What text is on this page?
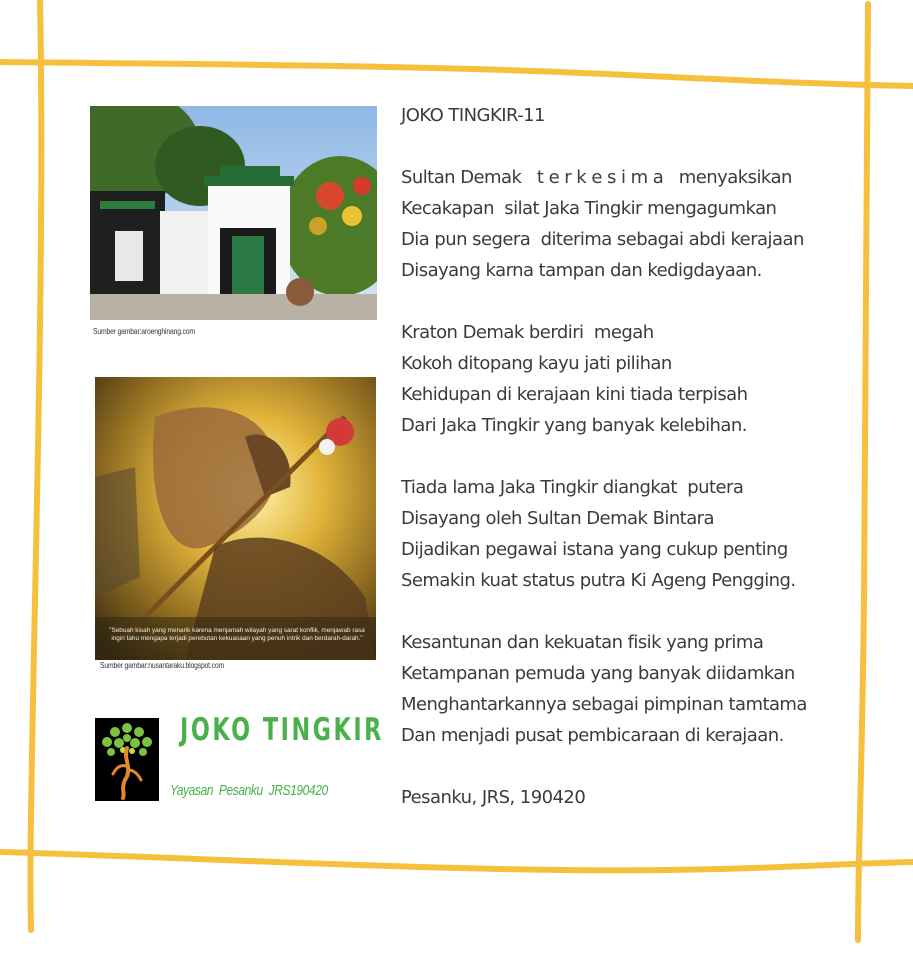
Sumber gambar:aroenghinang.com
"Sebuah kisah yang menarik karena menjamah wilayah yang sarat konflik, menjawab rasa ingin tahu mengapa terjadi perebutan kekuasaan yang penuh intrik dan berdarah-darah."
Sumber gambar:nusantaraku.blogspot.com
JOKO TINGKIR
Yayasan  Pesanku  JRS190420
JOKO TINGKIR-11
Sultan Demak   t e r k e s i m a   menyaksikan
Kecakapan  silat Jaka Tingkir mengagumkan
Dia pun segera  diterima sebagai abdi kerajaan
Disayang karna tampan dan kedigdayaan.
Kraton Demak berdiri  megah
Kokoh ditopang kayu jati pilihan
Kehidupan di kerajaan kini tiada terpisah
Dari Jaka Tingkir yang banyak kelebihan.
Tiada lama Jaka Tingkir diangkat  putera
Disayang oleh Sultan Demak Bintara
Dijadikan pegawai istana yang cukup penting
Semakin kuat status putra Ki Ageng Pengging.
Kesantunan dan kekuatan fisik yang prima
Ketampanan pemuda yang banyak diidamkan
Menghantarkannya sebagai pimpinan tamtama
Dan menjadi pusat pembicaraan di kerajaan.
Pesanku, JRS, 190420
